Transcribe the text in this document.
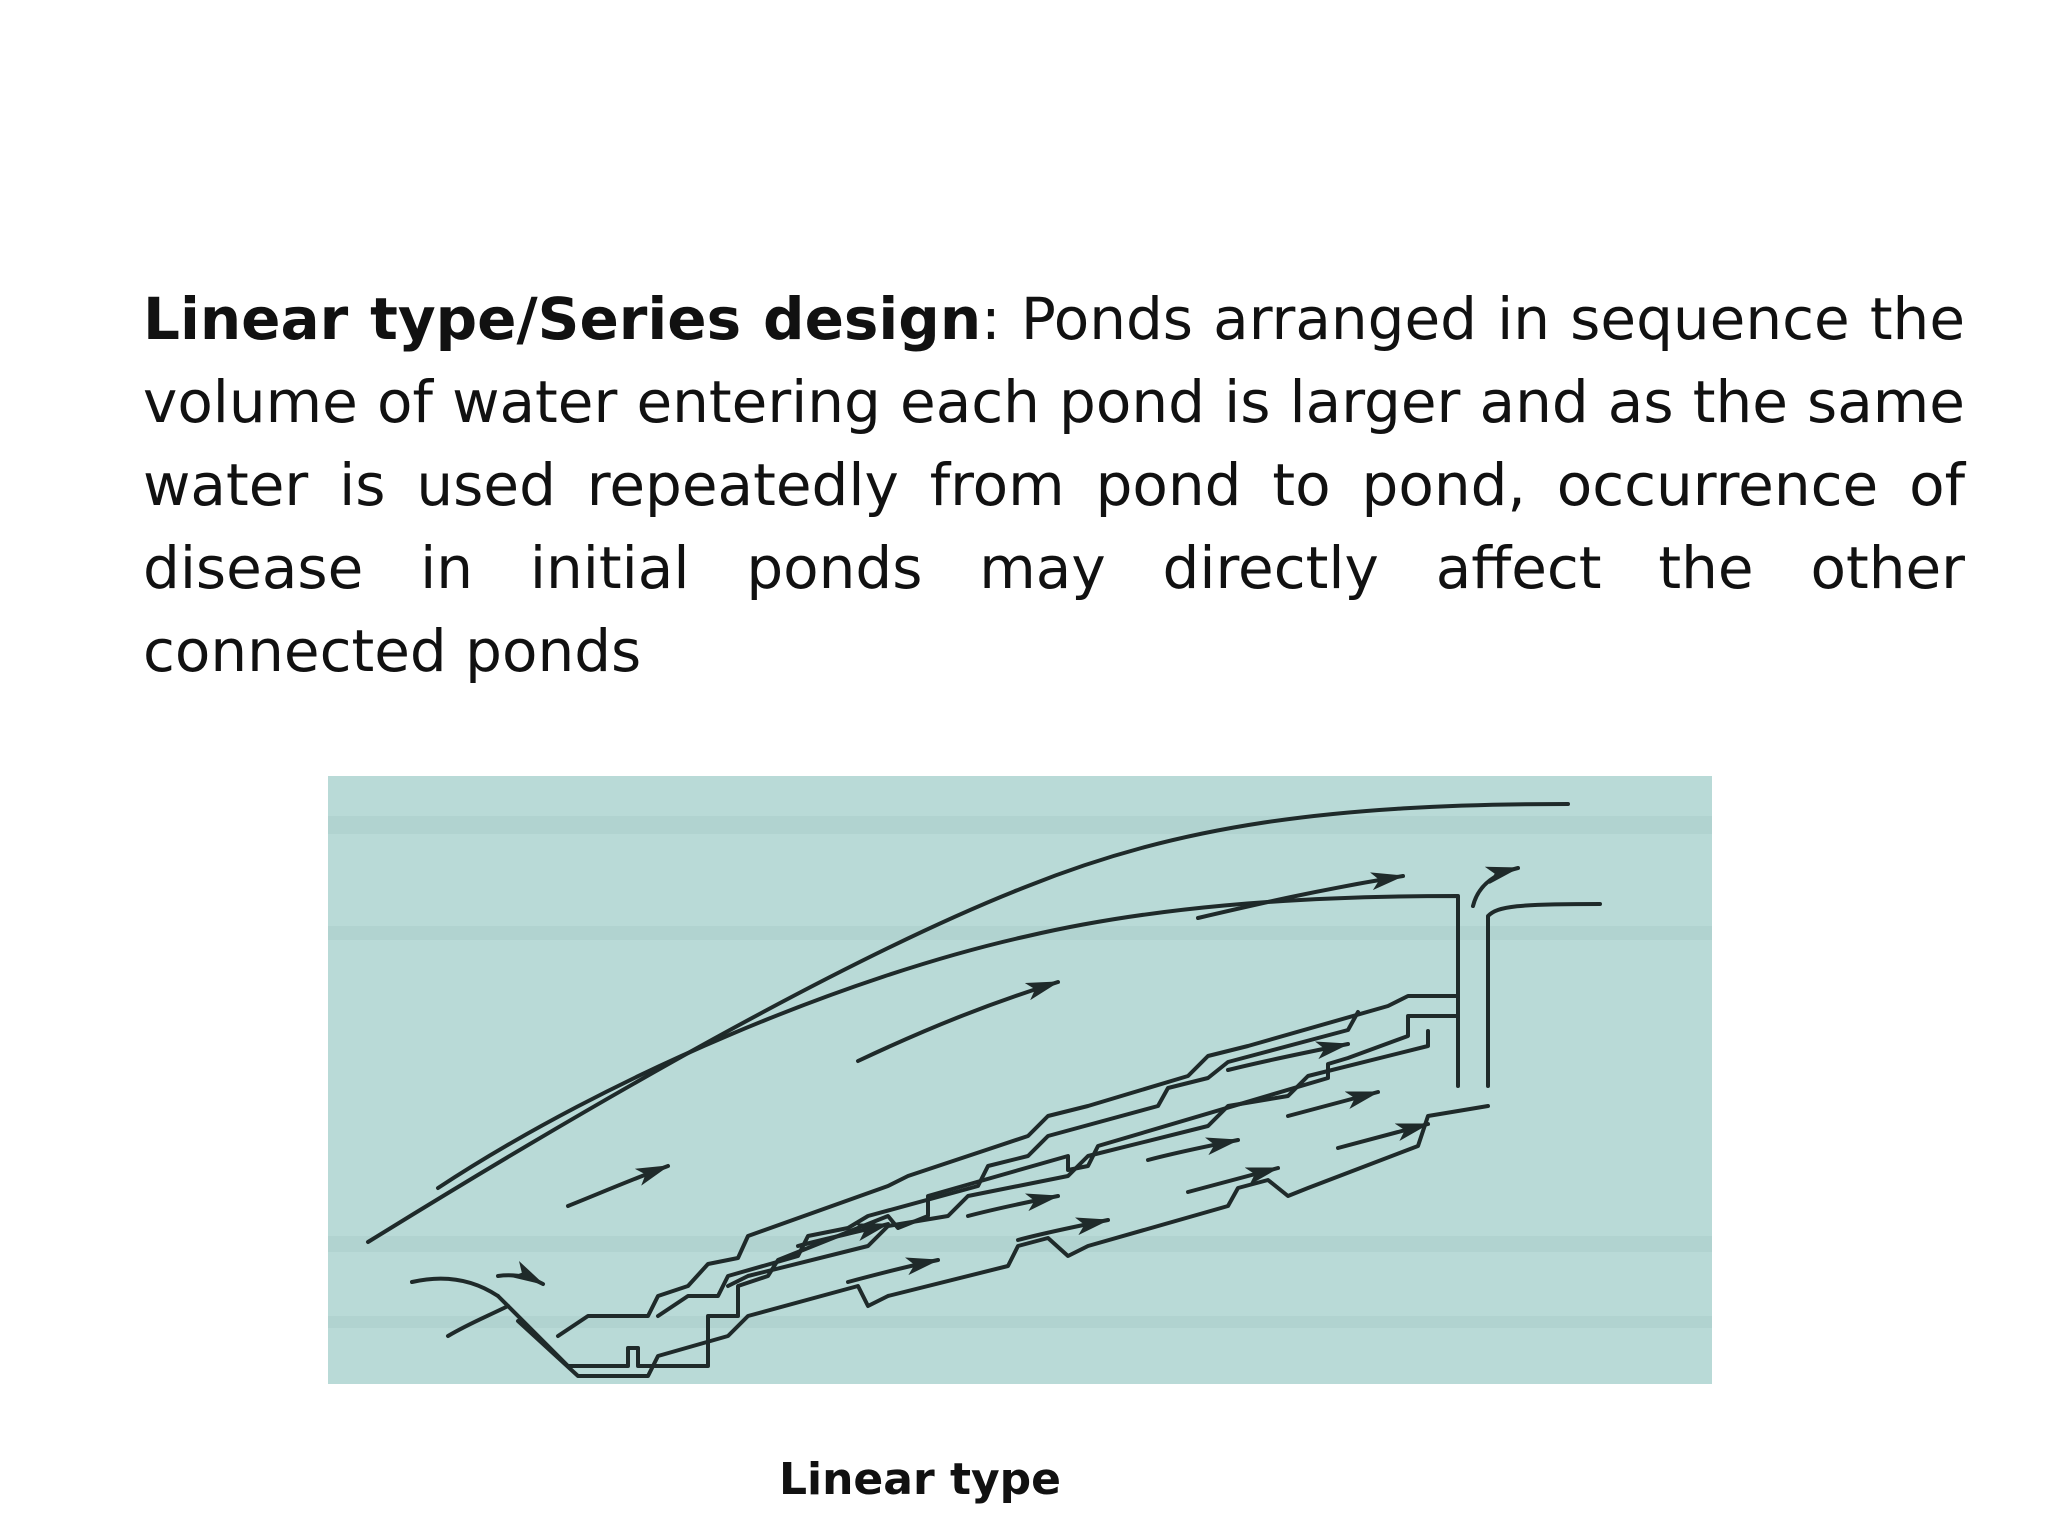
Linear type/Series design: Ponds arranged in sequence the volume of water entering each pond is larger and as the same water is used repeatedly from pond to pond, occurrence of disease in initial ponds may directly affect the other connected ponds

Linear type
